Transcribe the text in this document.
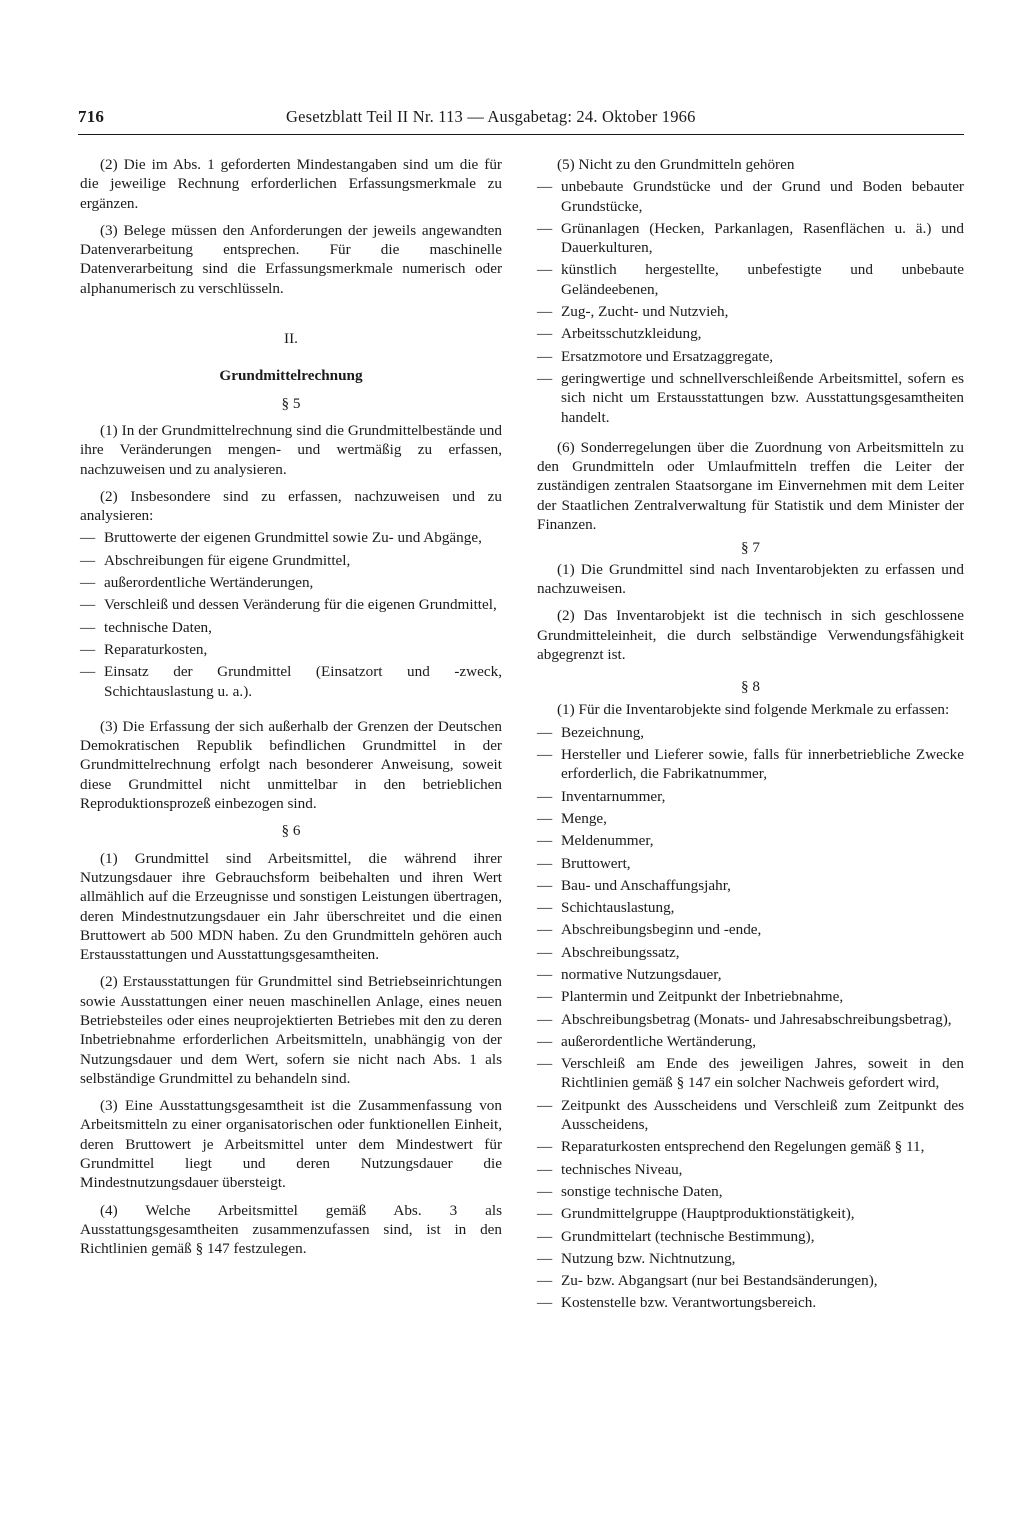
716	Gesetzblatt Teil II Nr. 113 — Ausgabetag: 24. Oktober 1966

(2) Die im Abs. 1 geforderten Mindestangaben sind um die für die jeweilige Rechnung erforderlichen Erfassungsmerkmale zu ergänzen.

(3) Belege müssen den Anforderungen der jeweils angewandten Datenverarbeitung entsprechen. Für die maschinelle Datenverarbeitung sind die Erfassungsmerkmale numerisch oder alphanumerisch zu verschlüsseln.

II.

Grundmittelrechnung

§ 5

(1) In der Grundmittelrechnung sind die Grundmittelbestände und ihre Veränderungen mengen- und wertmäßig zu erfassen, nachzuweisen und zu analysieren.

(2) Insbesondere sind zu erfassen, nachzuweisen und zu analysieren:

— Bruttowerte der eigenen Grundmittel sowie Zu- und Abgänge,
— Abschreibungen für eigene Grundmittel,
— außerordentliche Wertänderungen,
— Verschleiß und dessen Veränderung für die eigenen Grundmittel,
— technische Daten,
— Reparaturkosten,
— Einsatz der Grundmittel (Einsatzort und -zweck, Schichtauslastung u. a.).

(3) Die Erfassung der sich außerhalb der Grenzen der Deutschen Demokratischen Republik befindlichen Grundmittel in der Grundmittelrechnung erfolgt nach besonderer Anweisung, soweit diese Grundmittel nicht unmittelbar in den betrieblichen Reproduktionsprozeß einbezogen sind.

§ 6

(1) Grundmittel sind Arbeitsmittel, die während ihrer Nutzungsdauer ihre Gebrauchsform beibehalten und ihren Wert allmählich auf die Erzeugnisse und sonstigen Leistungen übertragen, deren Mindestnutzungsdauer ein Jahr überschreitet und die einen Bruttowert ab 500 MDN haben. Zu den Grundmitteln gehören auch Erstausstattungen und Ausstattungsgesamtheiten.

(2) Erstausstattungen für Grundmittel sind Betriebseinrichtungen sowie Ausstattungen einer neuen maschinellen Anlage, eines neuen Betriebsteiles oder eines neuprojektierten Betriebes mit den zu deren Inbetriebnahme erforderlichen Arbeitsmitteln, unabhängig von der Nutzungsdauer und dem Wert, sofern sie nicht nach Abs. 1 als selbständige Grundmittel zu behandeln sind.

(3) Eine Ausstattungsgesamtheit ist die Zusammenfassung von Arbeitsmitteln zu einer organisatorischen oder funktionellen Einheit, deren Bruttowert je Arbeitsmittel unter dem Mindestwert für Grundmittel liegt und deren Nutzungsdauer die Mindestnutzungsdauer übersteigt.

(4) Welche Arbeitsmittel gemäß Abs. 3 als Ausstattungsgesamtheiten zusammenzufassen sind, ist in den Richtlinien gemäß § 147 festzulegen.

(5) Nicht zu den Grundmitteln gehören

— unbebaute Grundstücke und der Grund und Boden bebauter Grundstücke,
— Grünanlagen (Hecken, Parkanlagen, Rasenflächen u. ä.) und Dauerkulturen,
— künstlich hergestellte, unbefestigte und unbebaute Geländeebenen,
— Zug-, Zucht- und Nutzvieh,
— Arbeitsschutzkleidung,
— Ersatzmotore und Ersatzaggregate,
— geringwertige und schnellverschleißende Arbeitsmittel, sofern es sich nicht um Erstausstattungen bzw. Ausstattungsgesamtheiten handelt.

(6) Sonderregelungen über die Zuordnung von Arbeitsmitteln zu den Grundmitteln oder Umlaufmitteln treffen die Leiter der zuständigen zentralen Staatsorgane im Einvernehmen mit dem Leiter der Staatlichen Zentralverwaltung für Statistik und dem Minister der Finanzen.

§ 7

(1) Die Grundmittel sind nach Inventarobjekten zu erfassen und nachzuweisen.

(2) Das Inventarobjekt ist die technisch in sich geschlossene Grundmitteleinheit, die durch selbständige Verwendungsfähigkeit abgegrenzt ist.

§ 8

(1) Für die Inventarobjekte sind folgende Merkmale zu erfassen:

— Bezeichnung,
— Hersteller und Lieferer sowie, falls für innerbetriebliche Zwecke erforderlich, die Fabrikatnummer,
— Inventarnummer,
— Menge,
— Meldenummer,
— Bruttowert,
— Bau- und Anschaffungsjahr,
— Schichtauslastung,
— Abschreibungsbeginn und -ende,
— Abschreibungssatz,
— normative Nutzungsdauer,
— Plantermin und Zeitpunkt der Inbetriebnahme,
— Abschreibungsbetrag (Monats- und Jahresabschreibungsbetrag),
— außerordentliche Wertänderung,
— Verschleiß am Ende des jeweiligen Jahres, soweit in den Richtlinien gemäß § 147 ein solcher Nachweis gefordert wird,
— Zeitpunkt des Ausscheidens und Verschleiß zum Zeitpunkt des Ausscheidens,
— Reparaturkosten entsprechend den Regelungen gemäß § 11,
— technisches Niveau,
— sonstige technische Daten,
— Grundmittelgruppe (Hauptproduktionstätigkeit),
— Grundmittelart (technische Bestimmung),
— Nutzung bzw. Nichtnutzung,
— Zu- bzw. Abgangsart (nur bei Bestandsänderungen),
— Kostenstelle bzw. Verantwortungsbereich.
